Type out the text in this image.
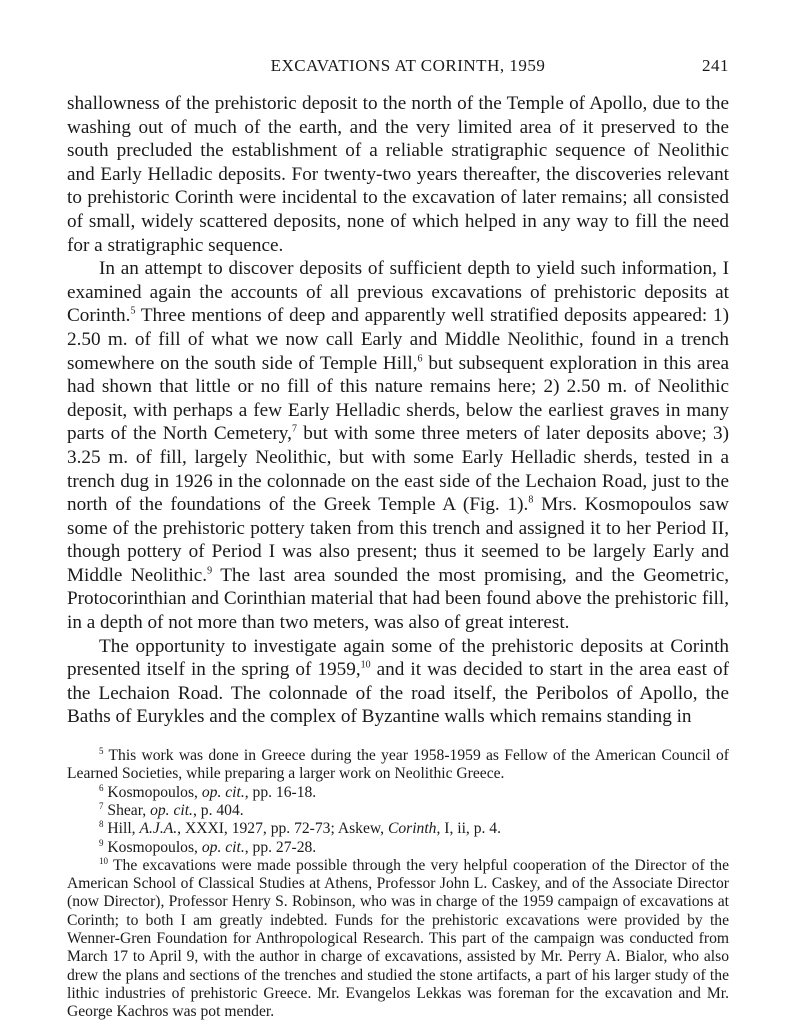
EXCAVATIONS AT CORINTH, 1959	241

shallowness of the prehistoric deposit to the north of the Temple of Apollo, due to the washing out of much of the earth, and the very limited area of it preserved to the south precluded the establishment of a reliable stratigraphic sequence of Neolithic and Early Helladic deposits. For twenty-two years thereafter, the discoveries relevant to prehistoric Corinth were incidental to the excavation of later remains; all consisted of small, widely scattered deposits, none of which helped in any way to fill the need for a stratigraphic sequence.

In an attempt to discover deposits of sufficient depth to yield such information, I examined again the accounts of all previous excavations of prehistoric deposits at Corinth.$^5$ Three mentions of deep and apparently well stratified deposits appeared: 1) 2.50 m. of fill of what we now call Early and Middle Neolithic, found in a trench somewhere on the south side of Temple Hill,$^6$ but subsequent exploration in this area had shown that little or no fill of this nature remains here; 2) 2.50 m. of Neolithic deposit, with perhaps a few Early Helladic sherds, below the earliest graves in many parts of the North Cemetery,$^7$ but with some three meters of later deposits above; 3) 3.25 m. of fill, largely Neolithic, but with some Early Helladic sherds, tested in a trench dug in 1926 in the colonnade on the east side of the Lechaion Road, just to the north of the foundations of the Greek Temple A (Fig. 1).$^8$ Mrs. Kosmopoulos saw some of the prehistoric pottery taken from this trench and assigned it to her Period II, though pottery of Period I was also present; thus it seemed to be largely Early and Middle Neolithic.$^9$ The last area sounded the most promising, and the Geometric, Protocorinthian and Corinthian material that had been found above the prehistoric fill, in a depth of not more than two meters, was also of great interest.

The opportunity to investigate again some of the prehistoric deposits at Corinth presented itself in the spring of 1959,10 and it was decided to start in the area east of the Lechaion Road. The colonnade of the road itself, the Peribolos of Apollo, the Baths of Eurykles and the complex of Byzantine walls which remains standing in

$^5$ This work was done in Greece during the year 1958-1959 as Fellow of the American Council of Learned Societies, while preparing a larger work on Neolithic Greece.

$^6$ Kosmopoulos, op. cit., pp. 16-18.

$^7$ Shear, op. cit., p. 404.

$^8$ Hill, A.J.A., XXXI, 1927, pp. 72-73; Askew, Corinth, I, ii, p. 4.

$^9$ Kosmopoulos, op. cit., pp. 27-28.

$^{10}$ The excavations were made possible through the very helpful cooperation of the Director of the American School of Classical Studies at Athens, Professor John L. Caskey, and of the Associate Director (now Director), Professor Henry S. Robinson, who was in charge of the 1959 campaign of excavations at Corinth; to both I am greatly indebted. Funds for the prehistoric excavations were provided by the Wenner-Gren Foundation for Anthropological Research. This part of the campaign was conducted from March 17 to April 9, with the author in charge of excavations, assisted by Mr. Perry A. Bialor, who also drew the plans and sections of the trenches and studied the stone artifacts, a part of his larger study of the lithic industries of prehistoric Greece. Mr. Evangelos Lekkas was foreman for the excavation and Mr. George Kachros was pot mender.
